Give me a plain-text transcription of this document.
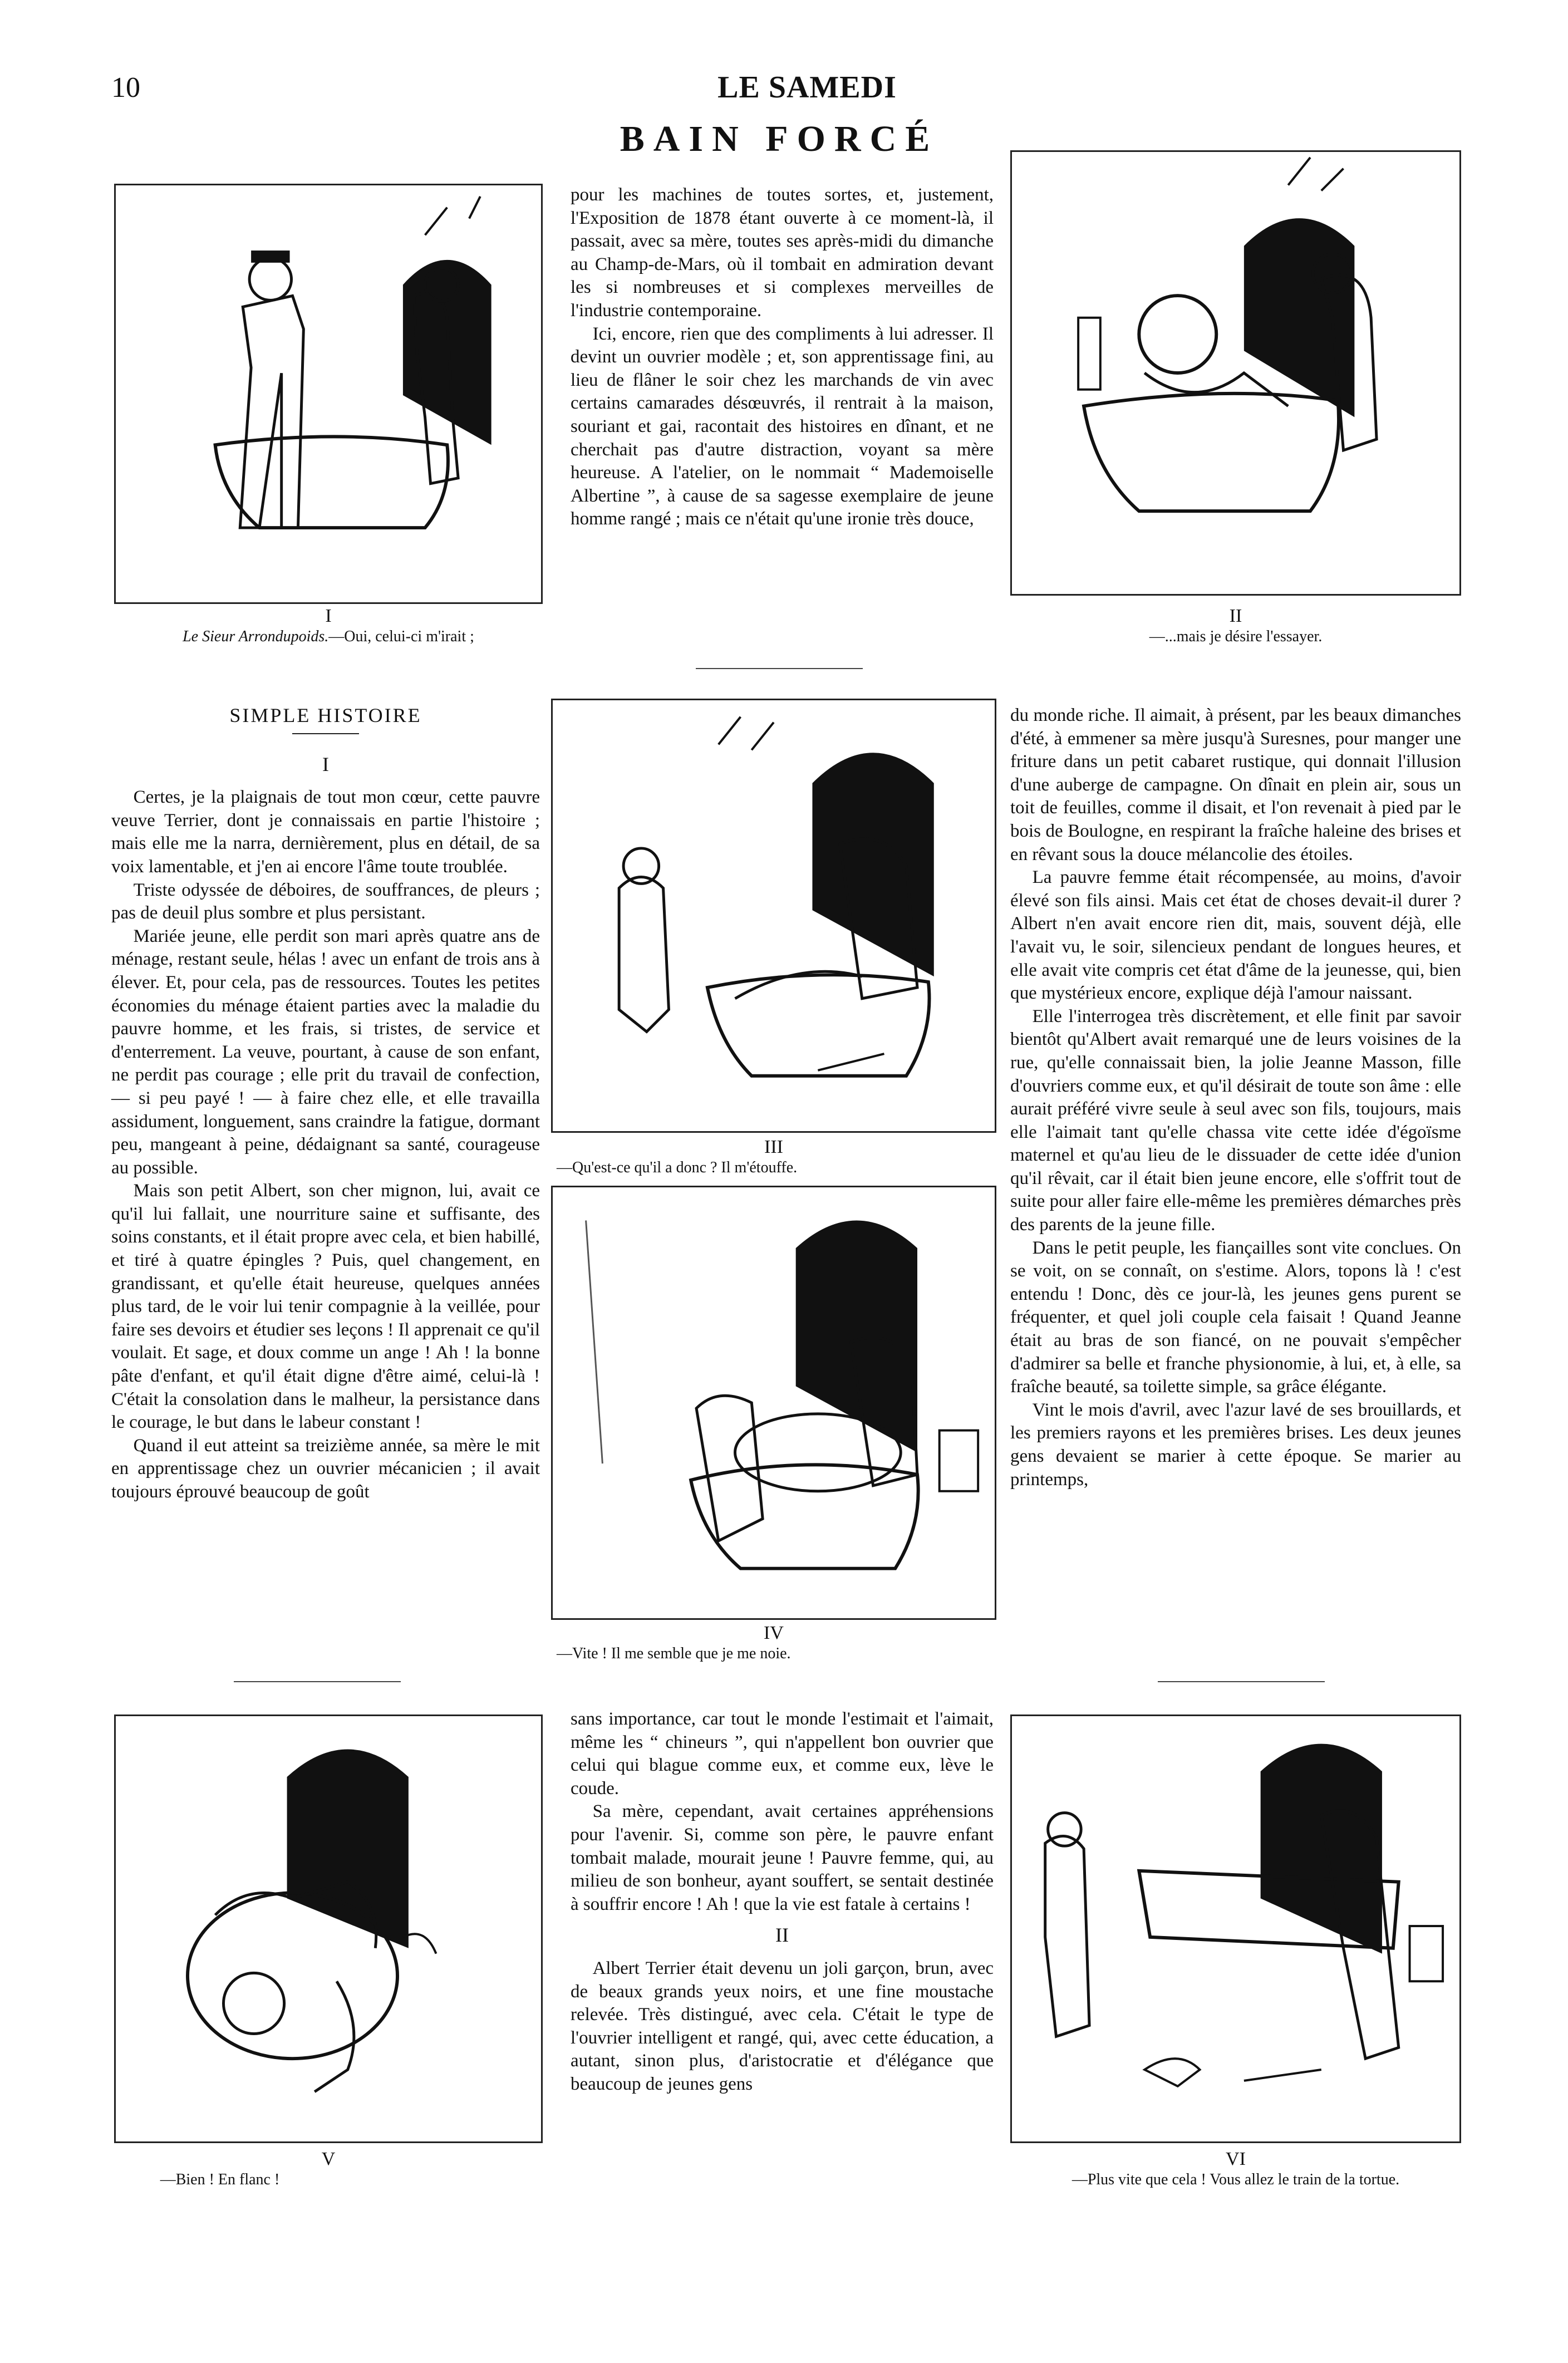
10	LE SAMEDI
BAIN FORCÉ
I
Le Sieur Arrondupoids.—Oui, celui-ci m'irait ;

pour les machines de toutes sortes, et, justement, l'Exposition de 1878 étant ouverte à ce moment-là, il passait, avec sa mère, toutes ses après-midi du dimanche au Champ-de-Mars, où il tombait en admiration devant les si nombreuses et si complexes merveilles de l'industrie contemporaine.

Ici, encore, rien que des compliments à lui adresser. Il devint un ouvrier modèle ; et, son apprentissage fini, au lieu de flâner le soir chez les marchands de vin avec certains camarades désœuvrés, il rentrait à la maison, souriant et gai, racontait des histoires en dînant, et ne cherchait pas d'autre distraction, voyant sa mère heureuse. A l'atelier, on le nommait “ Mademoiselle Albertine ”, à cause de sa sagesse exemplaire de jeune homme rangé ; mais ce n'était qu'une ironie très douce,

II
—...mais je désire l'essayer.
SIMPLE HISTOIRE

I

Certes, je la plaignais de tout mon cœur, cette pauvre veuve Terrier, dont je connaissais en partie l'histoire ; mais elle me la narra, dernièrement, plus en détail, de sa voix lamentable, et j'en ai encore l'âme toute troublée.

Triste odyssée de déboires, de souffrances, de pleurs ; pas de deuil plus sombre et plus persistant.

Mariée jeune, elle perdit son mari après quatre ans de ménage, restant seule, hélas ! avec un enfant de trois ans à élever. Et, pour cela, pas de ressources. Toutes les petites économies du ménage étaient parties avec la maladie du pauvre homme, et les frais, si tristes, de service et d'enterrement. La veuve, pourtant, à cause de son enfant, ne perdit pas courage ; elle prit du travail de confection, — si peu payé ! — à faire chez elle, et elle travailla assidument, longuement, sans craindre la fatigue, dormant peu, mangeant à peine, dédaignant sa santé, courageuse au possible.

Mais son petit Albert, son cher mignon, lui, avait ce qu'il lui fallait, une nourriture saine et suffisante, des soins constants, et il était propre avec cela, et bien habillé, et tiré à quatre épingles ? Puis, quel changement, en grandissant, et qu'elle était heureuse, quelques années plus tard, de le voir lui tenir compagnie à la veillée, pour faire ses devoirs et étudier ses leçons ! Il apprenait ce qu'il voulait. Et sage, et doux comme un ange ! Ah ! la bonne pâte d'enfant, et qu'il était digne d'être aimé, celui-là ! C'était la consolation dans le malheur, la persistance dans le courage, le but dans le labeur constant !

Quand il eut atteint sa treizième année, sa mère le mit en apprentissage chez un ouvrier mécanicien ; il avait toujours éprouvé beaucoup de goût

III
—Qu'est-ce qu'il a donc ? Il m'étouffe.
IV
—Vite ! Il me semble que je me noie.

du monde riche. Il aimait, à présent, par les beaux dimanches d'été, à emmener sa mère jusqu'à Suresnes, pour manger une friture dans un petit cabaret rustique, qui donnait l'illusion d'une auberge de campagne. On dînait en plein air, sous un toit de feuilles, comme il disait, et l'on revenait à pied par le bois de Boulogne, en respirant la fraîche haleine des brises et en rêvant sous la douce mélancolie des étoiles.

La pauvre femme était récompensée, au moins, d'avoir élevé son fils ainsi. Mais cet état de choses devait-il durer ? Albert n'en avait encore rien dit, mais, souvent déjà, elle l'avait vu, le soir, silencieux pendant de longues heures, et elle avait vite compris cet état d'âme de la jeunesse, qui, bien que mystérieux encore, explique déjà l'amour naissant.

Elle l'interrogea très discrètement, et elle finit par savoir bientôt qu'Albert avait remarqué une de leurs voisines de la rue, qu'elle connaissait bien, la jolie Jeanne Masson, fille d'ouvriers comme eux, et qu'il désirait de toute son âme : elle aurait préféré vivre seule à seul avec son fils, toujours, mais elle l'aimait tant qu'elle chassa vite cette idée d'égoïsme maternel et qu'au lieu de le dissuader de cette idée d'union qu'il rêvait, car il était bien jeune encore, elle s'offrit tout de suite pour aller faire elle-même les premières démarches près des parents de la jeune fille.

Dans le petit peuple, les fiançailles sont vite conclues. On se voit, on se connaît, on s'estime. Alors, topons là ! c'est entendu ! Donc, dès ce jour-là, les jeunes gens purent se fréquenter, et quel joli couple cela faisait ! Quand Jeanne était au bras de son fiancé, on ne pouvait s'empêcher d'admirer sa belle et franche physionomie, à lui, et, à elle, sa fraîche beauté, sa toilette simple, sa grâce élégante.

Vint le mois d'avril, avec l'azur lavé de ses brouillards, et les premiers rayons et les premières brises. Les deux jeunes gens devaient se marier à cette époque. Se marier au printemps,

V
—Bien ! En flanc !

sans importance, car tout le monde l'estimait et l'aimait, même les “ chineurs ”, qui n'appellent bon ouvrier que celui qui blague comme eux, et comme eux, lève le coude.

Sa mère, cependant, avait certaines appréhensions pour l'avenir. Si, comme son père, le pauvre enfant tombait malade, mourait jeune ! Pauvre femme, qui, au milieu de son bonheur, ayant souffert, se sentait destinée à souffrir encore ! Ah ! que la vie est fatale à certains !

II

Albert Terrier était devenu un joli garçon, brun, avec de beaux grands yeux noirs, et une fine moustache relevée. Très distingué, avec cela. C'était le type de l'ouvrier intelligent et rangé, qui, avec cette éducation, a autant, sinon plus, d'aristocratie et d'élégance que beaucoup de jeunes gens

VI
—Plus vite que cela ! Vous allez le train de la tortue.
